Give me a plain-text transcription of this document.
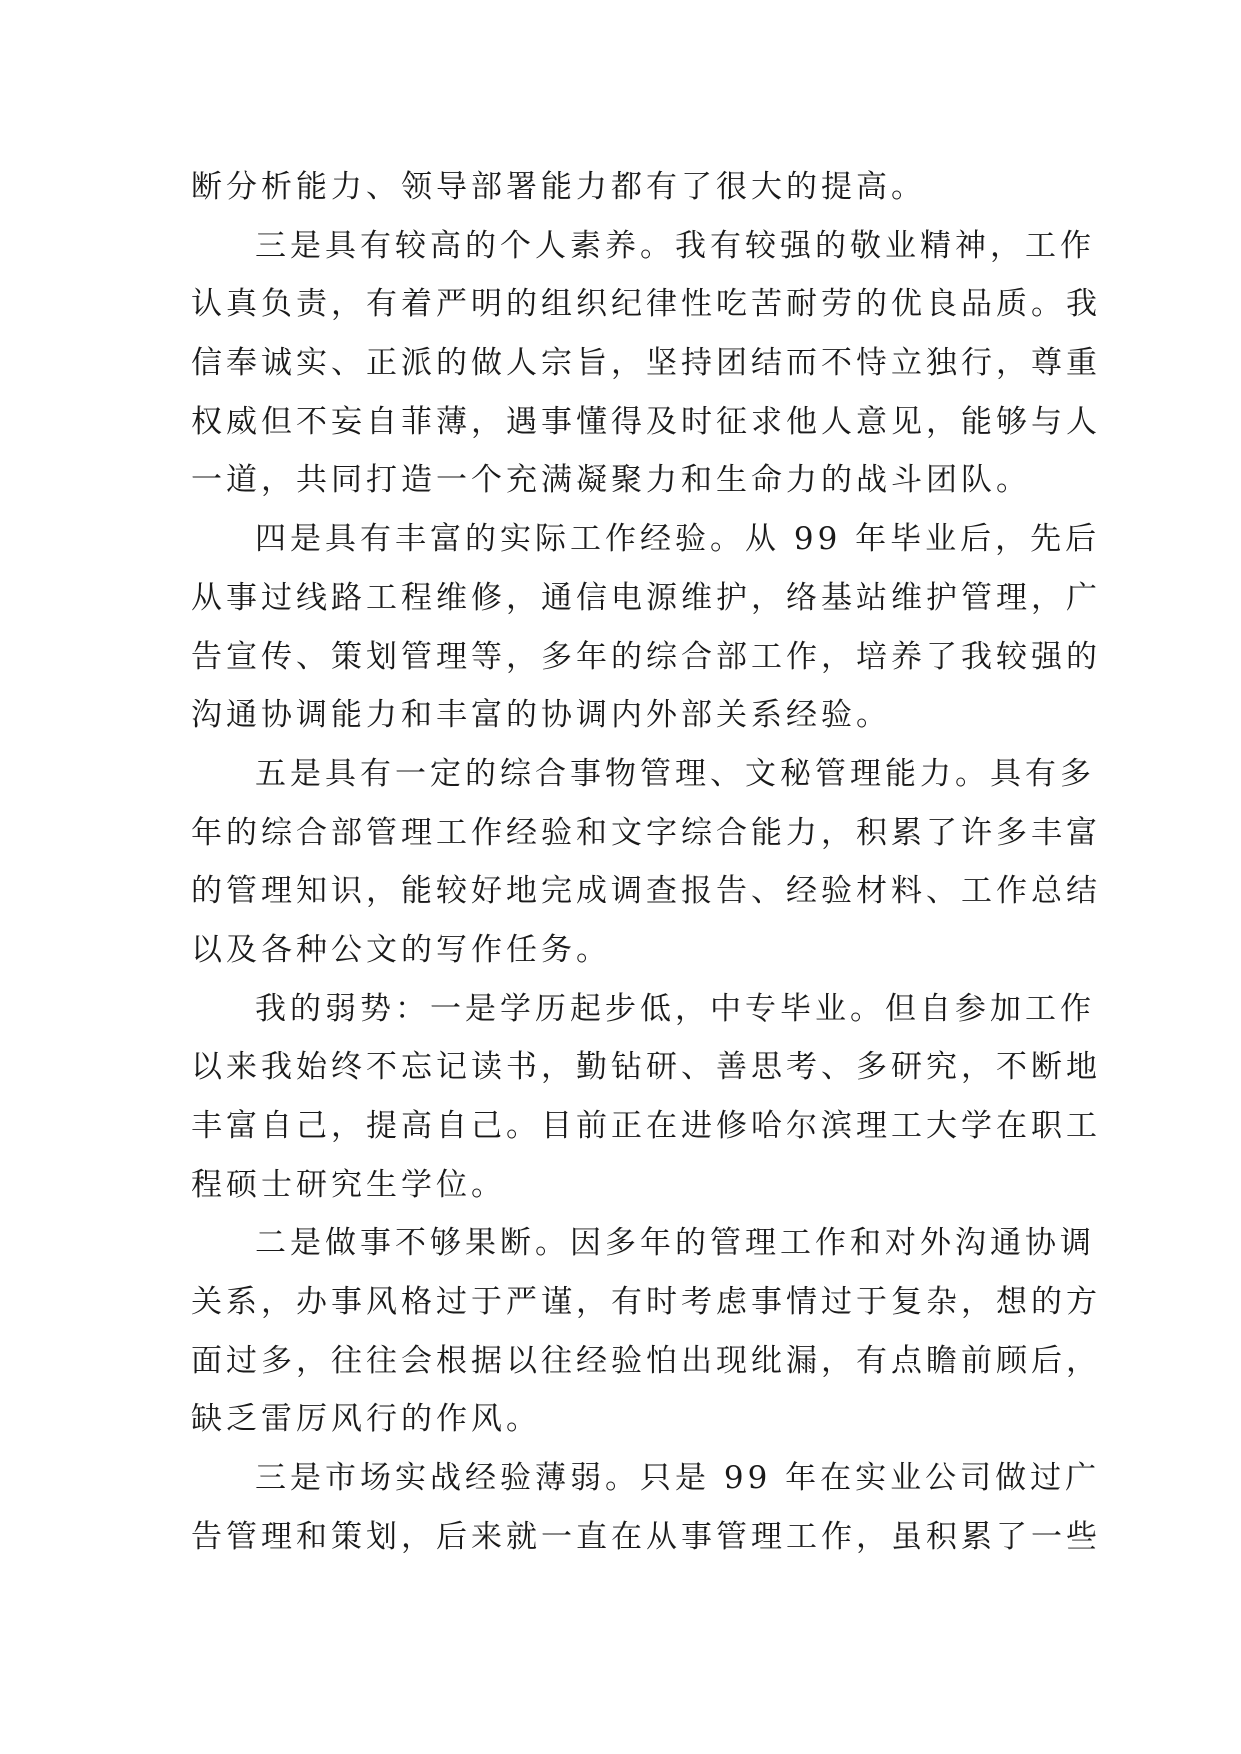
断分析能力、领导部署能力都有了很大的提高。
三是具有较高的个人素养。我有较强的敬业精神，工作
认真负责，有着严明的组织纪律性吃苦耐劳的优良品质。我
信奉诚实、正派的做人宗旨，坚持团结而不恃立独行，尊重
权威但不妄自菲薄，遇事懂得及时征求他人意见，能够与人
一道，共同打造一个充满凝聚力和生命力的战斗团队。
四是具有丰富的实际工作经验。从 99 年毕业后，先后
从事过线路工程维修，通信电源维护，络基站维护管理，广
告宣传、策划管理等，多年的综合部工作，培养了我较强的
沟通协调能力和丰富的协调内外部关系经验。
五是具有一定的综合事物管理、文秘管理能力。具有多
年的综合部管理工作经验和文字综合能力，积累了许多丰富
的管理知识，能较好地完成调查报告、经验材料、工作总结
以及各种公文的写作任务。
我的弱势：一是学历起步低，中专毕业。但自参加工作
以来我始终不忘记读书，勤钻研、善思考、多研究，不断地
丰富自己，提高自己。目前正在进修哈尔滨理工大学在职工
程硕士研究生学位。
二是做事不够果断。因多年的管理工作和对外沟通协调
关系，办事风格过于严谨，有时考虑事情过于复杂，想的方
面过多，往往会根据以往经验怕出现纰漏，有点瞻前顾后，
缺乏雷厉风行的作风。
三是市场实战经验薄弱。只是 99 年在实业公司做过广
告管理和策划，后来就一直在从事管理工作，虽积累了一些
